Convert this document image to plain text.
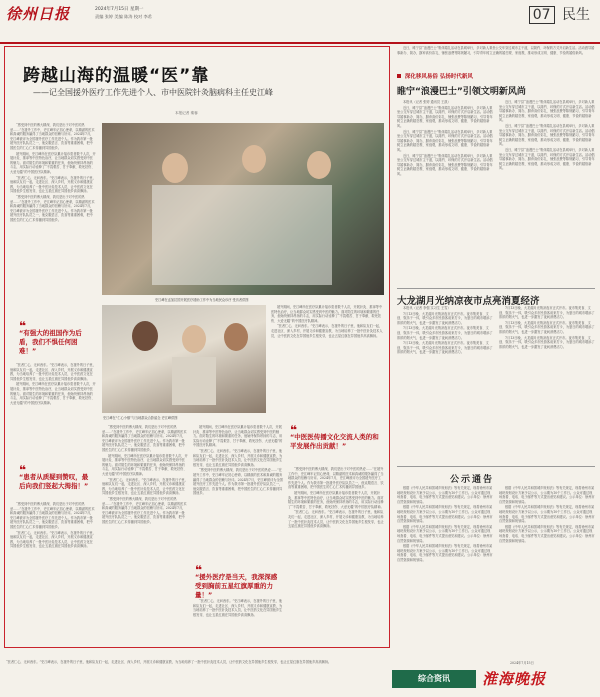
徐州日报	2024年7月15日 星期一
责编 张婷 美编 陈涛 校对 李希	07 民生
跨越山海的温暖“医”靠
——记全国援外医疗工作先进个人、市中医院针灸脑病科主任史江峰
本报记者 秦蓉

“感受到中医的博大精深，我们是出于对中医的热爱……”在援外工作中，史江峰牢记初心使命，以精湛的医术和真诚的服务赢得了当地群众的信赖与好评。2024年7月，史江峰被评为全国援外医疗工作先进个人。作为我市第一批援外医疗队队员之一，他克服语言、饮食等重重困难，把中国医生的仁心仁术传播到异国他乡。

援外期间，史江峰所在医疗队累计接诊患者数千人次，开展针灸、推拿等中医特色治疗，让当地群众切实感受到中医的魅力。面对陌生的环境和繁重的任务，他始终保持昂扬的斗志，用实际行动诠释了“不畏艰苦、甘于奉献、救死扶伤、大爱无疆”的中国医疗队精神。

“医者仁心，无问西东。”史江峰表示，在援外的日子里，他和队友们一起，走进社区、深入乡村，开展义诊和健康宣教，为当地培养了一批中医针灸技术人员，让中医药文化在异国他乡生根发芽，也让五星红旗在异国他乡高高飘扬。

“感受到中医的博大精深，我们是出于对中医的热爱……”在援外工作中，史江峰牢记初心使命，以精湛的医术和真诚的服务赢得了当地群众的信赖与好评。2024年7月，史江峰被评为全国援外医疗工作先进个人。作为我市第一批援外医疗队队员之一，他克服语言、饮食等重重困难，把中国医生的仁心仁术传播到异国他乡。

史江峰在孟加拉国开展医疗援助工作中为当地民众诊疗 受访者供图
❝
“有强大的祖国作为后盾，我们不惧任何困难！”
史江峰在“仁心小镇”与当地群众合影留念 史江峰供图

援外期间，史江峰所在医疗队累计接诊患者数千人次，开展针灸、推拿等中医特色治疗，让当地群众切实感受到中医的魅力。面对陌生的环境和繁重的任务，他始终保持昂扬的斗志，用实际行动诠释了“不畏艰苦、甘于奉献、救死扶伤、大爱无疆”的中国医疗队精神。

“医者仁心，无问西东。”史江峰表示，在援外的日子里，他和队友们一起，走进社区、深入乡村，开展义诊和健康宣教，为当地培养了一批中医针灸技术人员，让中医药文化在异国他乡生根发芽，也让五星红旗在异国他乡高高飘扬。

“医者仁心，无问西东。”史江峰表示，在援外的日子里，他和队友们一起，走进社区、深入乡村，开展义诊和健康宣教，为当地培养了一批中医针灸技术人员，让中医药文化在异国他乡生根发芽，也让五星红旗在异国他乡高高飘扬。

援外期间，史江峰所在医疗队累计接诊患者数千人次，开展针灸、推拿等中医特色治疗，让当地群众切实感受到中医的魅力。面对陌生的环境和繁重的任务，他始终保持昂扬的斗志，用实际行动诠释了“不畏艰苦、甘于奉献、救死扶伤、大爱无疆”的中国医疗队精神。

❝
“患者从质疑到赞叹，最后向我们竖起大拇指！”

“感受到中医的博大精深，我们是出于对中医的热爱……”在援外工作中，史江峰牢记初心使命，以精湛的医术和真诚的服务赢得了当地群众的信赖与好评。2024年7月，史江峰被评为全国援外医疗工作先进个人。作为我市第一批援外医疗队队员之一，他克服语言、饮食等重重困难，把中国医生的仁心仁术传播到异国他乡。

“医者仁心，无问西东。”史江峰表示，在援外的日子里，他和队友们一起，走进社区、深入乡村，开展义诊和健康宣教，为当地培养了一批中医针灸技术人员，让中医药文化在异国他乡生根发芽，也让五星红旗在异国他乡高高飘扬。

“感受到中医的博大精深，我们是出于对中医的热爱……”在援外工作中，史江峰牢记初心使命，以精湛的医术和真诚的服务赢得了当地群众的信赖与好评。2024年7月，史江峰被评为全国援外医疗工作先进个人。作为我市第一批援外医疗队队员之一，他克服语言、饮食等重重困难，把中国医生的仁心仁术传播到异国他乡。

援外期间，史江峰所在医疗队累计接诊患者数千人次，开展针灸、推拿等中医特色治疗，让当地群众切实感受到中医的魅力。面对陌生的环境和繁重的任务，他始终保持昂扬的斗志，用实际行动诠释了“不畏艰苦、甘于奉献、救死扶伤、大爱无疆”的中国医疗队精神。

“医者仁心，无问西东。”史江峰表示，在援外的日子里，他和队友们一起，走进社区、深入乡村，开展义诊和健康宣教，为当地培养了一批中医针灸技术人员，让中医药文化在异国他乡生根发芽，也让五星红旗在异国他乡高高飘扬。

“感受到中医的博大精深，我们是出于对中医的热爱……”在援外工作中，史江峰牢记初心使命，以精湛的医术和真诚的服务赢得了当地群众的信赖与好评。2024年7月，史江峰被评为全国援外医疗工作先进个人。作为我市第一批援外医疗队队员之一，他克服语言、饮食等重重困难，把中国医生的仁心仁术传播到异国他乡。

❝
“援外医疗是当天，我深深感受到胸前五星红旗厚重的力量！”

援外期间，史江峰所在医疗队累计接诊患者数千人次，开展针灸、推拿等中医特色治疗，让当地群众切实感受到中医的魅力。面对陌生的环境和繁重的任务，他始终保持昂扬的斗志，用实际行动诠释了“不畏艰苦、甘于奉献、救死扶伤、大爱无疆”的中国医疗队精神。

“医者仁心，无问西东。”史江峰表示，在援外的日子里，他和队友们一起，走进社区、深入乡村，开展义诊和健康宣教，为当地培养了一批中医针灸技术人员，让中医药文化在异国他乡生根发芽，也让五星红旗在异国他乡高高飘扬。

“感受到中医的博大精深，我们是出于对中医的热爱……”在援外工作中，史江峰牢记初心使命，以精湛的医术和真诚的服务赢得了当地群众的信赖与好评。2024年7月，史江峰被评为全国援外医疗工作先进个人。作为我市第一批援外医疗队队员之一，他克服语言、饮食等重重困难，把中国医生的仁心仁术传播到异国他乡。

“医者仁心，无问西东。”史江峰表示，在援外的日子里，他和队友们一起，走进社区、深入乡村，开展义诊和健康宣教，为当地培养了一批中医针灸技术人员，让中医药文化在异国他乡生根发芽，也让五星红旗在异国他乡高高飘扬。

❝
“中医医传播文化交流人类的和平发展作出贡献！”

“感受到中医的博大精深，我们是出于对中医的热爱……”在援外工作中，史江峰牢记初心使命，以精湛的医术和真诚的服务赢得了当地群众的信赖与好评。2024年7月，史江峰被评为全国援外医疗工作先进个人。作为我市第一批援外医疗队队员之一，他克服语言、饮食等重重困难，把中国医生的仁心仁术传播到异国他乡。

援外期间，史江峰所在医疗队累计接诊患者数千人次，开展针灸、推拿等中医特色治疗，让当地群众切实感受到中医的魅力。面对陌生的环境和繁重的任务，他始终保持昂扬的斗志，用实际行动诠释了“不畏艰苦、甘于奉献、救死扶伤、大爱无疆”的中国医疗队精神。

“医者仁心，无问西东。”史江峰表示，在援外的日子里，他和队友们一起，走进社区、深入乡村，开展义诊和健康宣教，为当地培养了一批中医针灸技术人员，让中医药文化在异国他乡生根发芽，也让五星红旗在异国他乡高高飘扬。

“医者仁心，无问西东。”史江峰表示，在援外的日子里，他和队友们一起，走进社区、深入乡村，开展义诊和健康宣教，为当地培养了一批中医针灸技术人员，让中医药文化在异国他乡生根发芽，也让五星红旗在异国他乡高高飘扬。

近日，睢宁县“浪漫巴士”集体婚礼活动在县城举行，多对新人乘坐公交车穿过城市主干道，以简约、环保的方式开启新生活。活动倡导婚事新办、简办，摒弃高价彩礼、铺张浪费等陈规陋习，引导青年树立正确的婚恋观、家庭观，推动形成文明、健康、节俭的婚俗新风。

深化移风易俗 弘扬时代新风
睢宁“浪漫巴士”引领文明新风尚

本报讯（记者 张婷 通讯员 王凯）

近日，睢宁县“浪漫巴士”集体婚礼活动在县城举行，多对新人乘坐公交车穿过城市主干道，以简约、环保的方式开启新生活。活动倡导婚事新办、简办，摒弃高价彩礼、铺张浪费等陈规陋习，引导青年树立正确的婚恋观、家庭观，推动形成文明、健康、节俭的婚俗新风。

近日，睢宁县“浪漫巴士”集体婚礼活动在县城举行，多对新人乘坐公交车穿过城市主干道，以简约、环保的方式开启新生活。活动倡导婚事新办、简办，摒弃高价彩礼、铺张浪费等陈规陋习，引导青年树立正确的婚恋观、家庭观，推动形成文明、健康、节俭的婚俗新风。

近日，睢宁县“浪漫巴士”集体婚礼活动在县城举行，多对新人乘坐公交车穿过城市主干道，以简约、环保的方式开启新生活。活动倡导婚事新办、简办，摒弃高价彩礼、铺张浪费等陈规陋习，引导青年树立正确的婚恋观、家庭观，推动形成文明、健康、节俭的婚俗新风。

近日，睢宁县“浪漫巴士”集体婚礼活动在县城举行，多对新人乘坐公交车穿过城市主干道，以简约、环保的方式开启新生活。活动倡导婚事新办、简办，摒弃高价彩礼、铺张浪费等陈规陋习，引导青年树立正确的婚恋观、家庭观，推动形成文明、健康、节俭的婚俗新风。

近日，睢宁县“浪漫巴士”集体婚礼活动在县城举行，多对新人乘坐公交车穿过城市主干道，以简约、环保的方式开启新生活。活动倡导婚事新办、简办，摒弃高价彩礼、铺张浪费等陈规陋习，引导青年树立正确的婚恋观、家庭观，推动形成文明、健康、节俭的婚俗新风。

近日，睢宁县“浪漫巴士”集体婚礼活动在县城举行，多对新人乘坐公交车穿过城市主干道，以简约、环保的方式开启新生活。活动倡导婚事新办、简办，摒弃高价彩礼、铺张浪费等陈规陋习，引导青年树立正确的婚恋观、家庭观，推动形成文明、健康、节俭的婚俗新风。

大龙湖月光纳凉夜市点亮消夏经济

本报讯（记者 李强 实习生 王雪）

7月13日晚，大龙湖月光纳凉夜市正式开市。夜市集美食、文创、娱乐于一体，吸引众多市民游客前来打卡，为夏日的城市增添了浓浓的烟火气，也进一步激发了夜间消费活力。

7月13日晚，大龙湖月光纳凉夜市正式开市。夜市集美食、文创、娱乐于一体，吸引众多市民游客前来打卡，为夏日的城市增添了浓浓的烟火气，也进一步激发了夜间消费活力。

7月13日晚，大龙湖月光纳凉夜市正式开市。夜市集美食、文创、娱乐于一体，吸引众多市民游客前来打卡，为夏日的城市增添了浓浓的烟火气，也进一步激发了夜间消费活力。

7月13日晚，大龙湖月光纳凉夜市正式开市。夜市集美食、文创、娱乐于一体，吸引众多市民游客前来打卡，为夏日的城市增添了浓浓的烟火气，也进一步激发了夜间消费活力。

7月13日晚，大龙湖月光纳凉夜市正式开市。夜市集美食、文创、娱乐于一体，吸引众多市民游客前来打卡，为夏日的城市增添了浓浓的烟火气，也进一步激发了夜间消费活力。

7月13日晚，大龙湖月光纳凉夜市正式开市。夜市集美食、文创、娱乐于一体，吸引众多市民游客前来打卡，为夏日的城市增添了浓浓的烟火气，也进一步激发了夜间消费活力。

公示通告

根据《中华人民共和国城乡规划法》等有关规定，现将徐州市某地块规划设计方案予以公示，公示期为10个工作日。公众可通过现场查看、电话、电子邮件等方式提出意见和建议。公示单位：徐州市自然资源和规划局。

根据《中华人民共和国城乡规划法》等有关规定，现将徐州市某地块规划设计方案予以公示，公示期为10个工作日。公众可通过现场查看、电话、电子邮件等方式提出意见和建议。公示单位：徐州市自然资源和规划局。

根据《中华人民共和国城乡规划法》等有关规定，现将徐州市某地块规划设计方案予以公示，公示期为10个工作日。公众可通过现场查看、电话、电子邮件等方式提出意见和建议。公示单位：徐州市自然资源和规划局。

根据《中华人民共和国城乡规划法》等有关规定，现将徐州市某地块规划设计方案予以公示，公示期为10个工作日。公众可通过现场查看、电话、电子邮件等方式提出意见和建议。公示单位：徐州市自然资源和规划局。

根据《中华人民共和国城乡规划法》等有关规定，现将徐州市某地块规划设计方案予以公示，公示期为10个工作日。公众可通过现场查看、电话、电子邮件等方式提出意见和建议。公示单位：徐州市自然资源和规划局。

根据《中华人民共和国城乡规划法》等有关规定，现将徐州市某地块规划设计方案予以公示，公示期为10个工作日。公众可通过现场查看、电话、电子邮件等方式提出意见和建议。公示单位：徐州市自然资源和规划局。

根据《中华人民共和国城乡规划法》等有关规定，现将徐州市某地块规划设计方案予以公示，公示期为10个工作日。公众可通过现场查看、电话、电子邮件等方式提出意见和建议。公示单位：徐州市自然资源和规划局。

2024年7月15日
综合资讯	淮海晚报
